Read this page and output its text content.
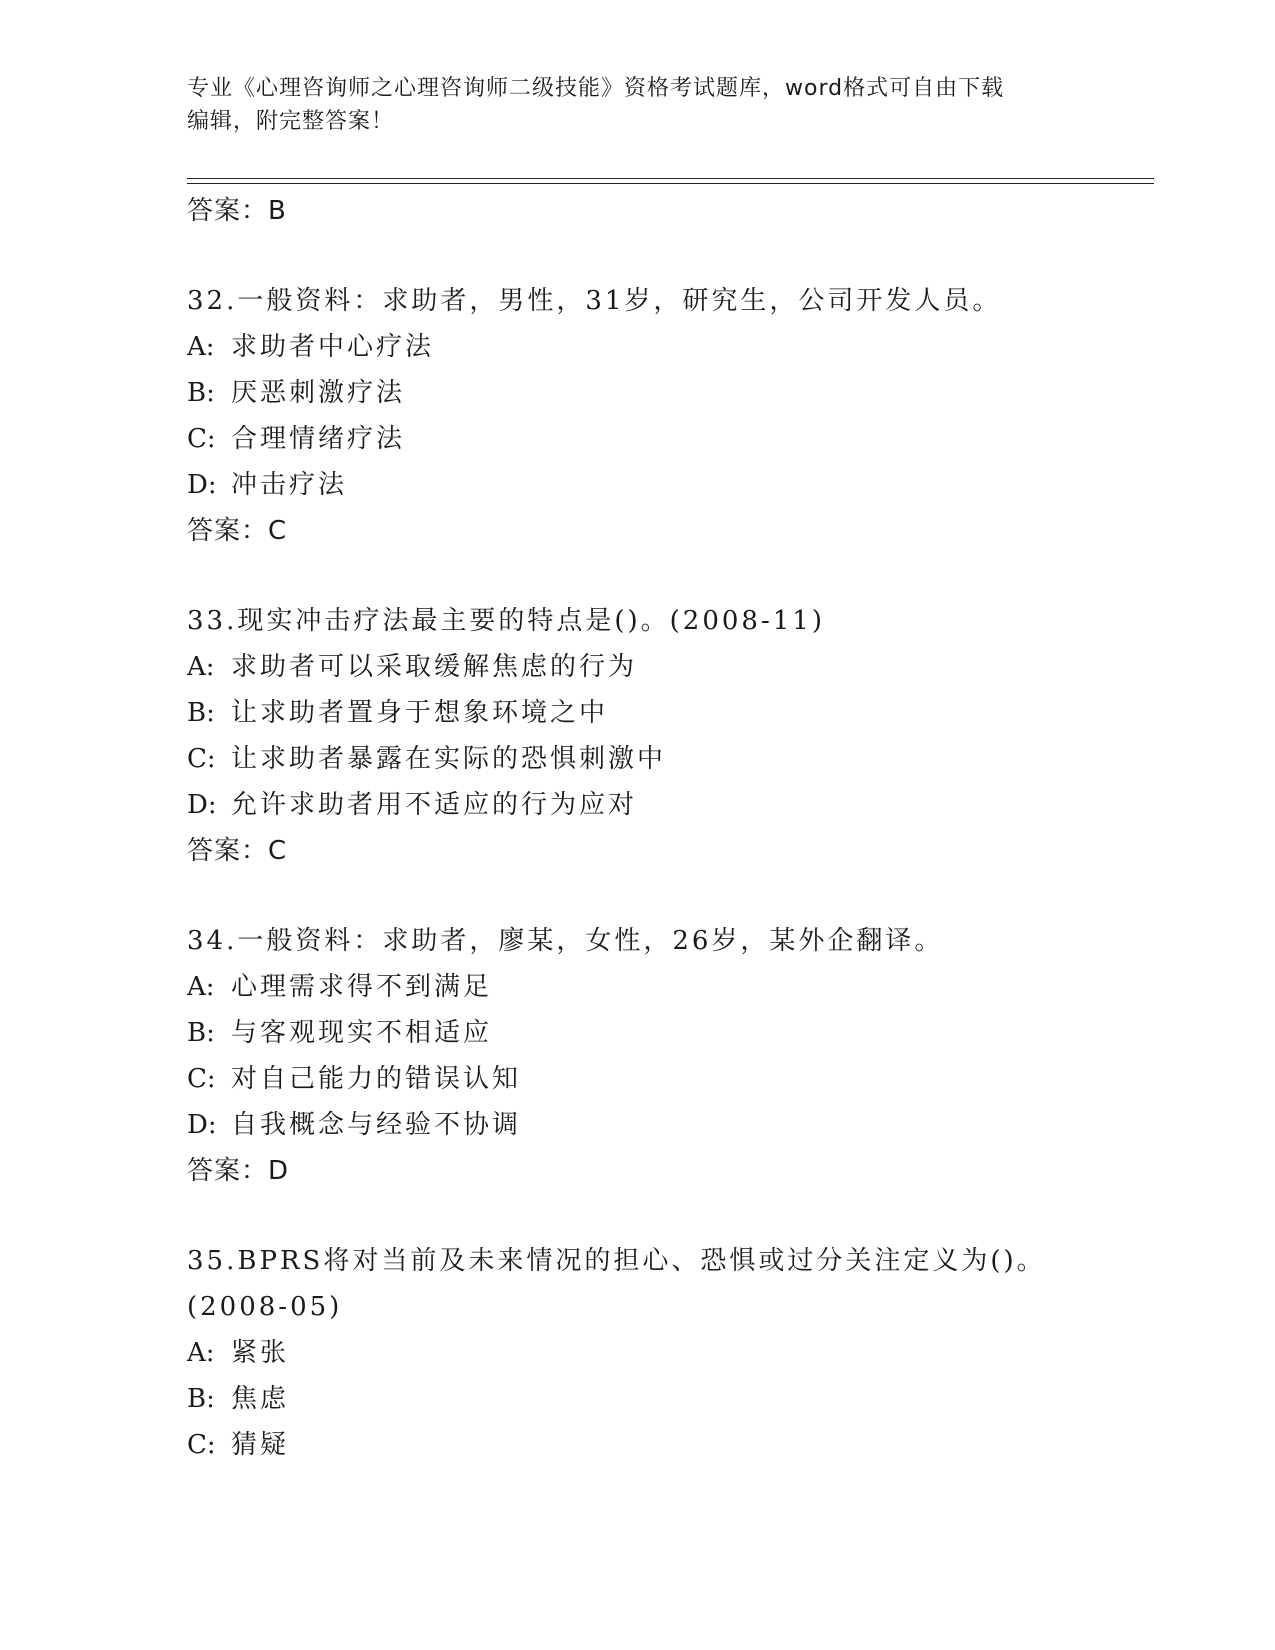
专业《心理咨询师之心理咨询师二级技能》资格考试题库，word格式可自由下载
编辑，附完整答案！
答案：B
32.一般资料：求助者，男性，31岁，研究生，公司开发人员。
A: 求助者中心疗法
B: 厌恶刺激疗法
C: 合理情绪疗法
D: 冲击疗法
答案：C
33.现实冲击疗法最主要的特点是()。(2008-11)
A: 求助者可以采取缓解焦虑的行为
B: 让求助者置身于想象环境之中
C: 让求助者暴露在实际的恐惧刺激中
D: 允许求助者用不适应的行为应对
答案：C
34.一般资料：求助者，廖某，女性，26岁，某外企翻译。
A: 心理需求得不到满足
B: 与客观现实不相适应
C: 对自己能力的错误认知
D: 自我概念与经验不协调
答案：D
35.BPRS将对当前及未来情况的担心、恐惧或过分关注定义为()。
(2008-05)
A: 紧张
B: 焦虑
C: 猜疑
